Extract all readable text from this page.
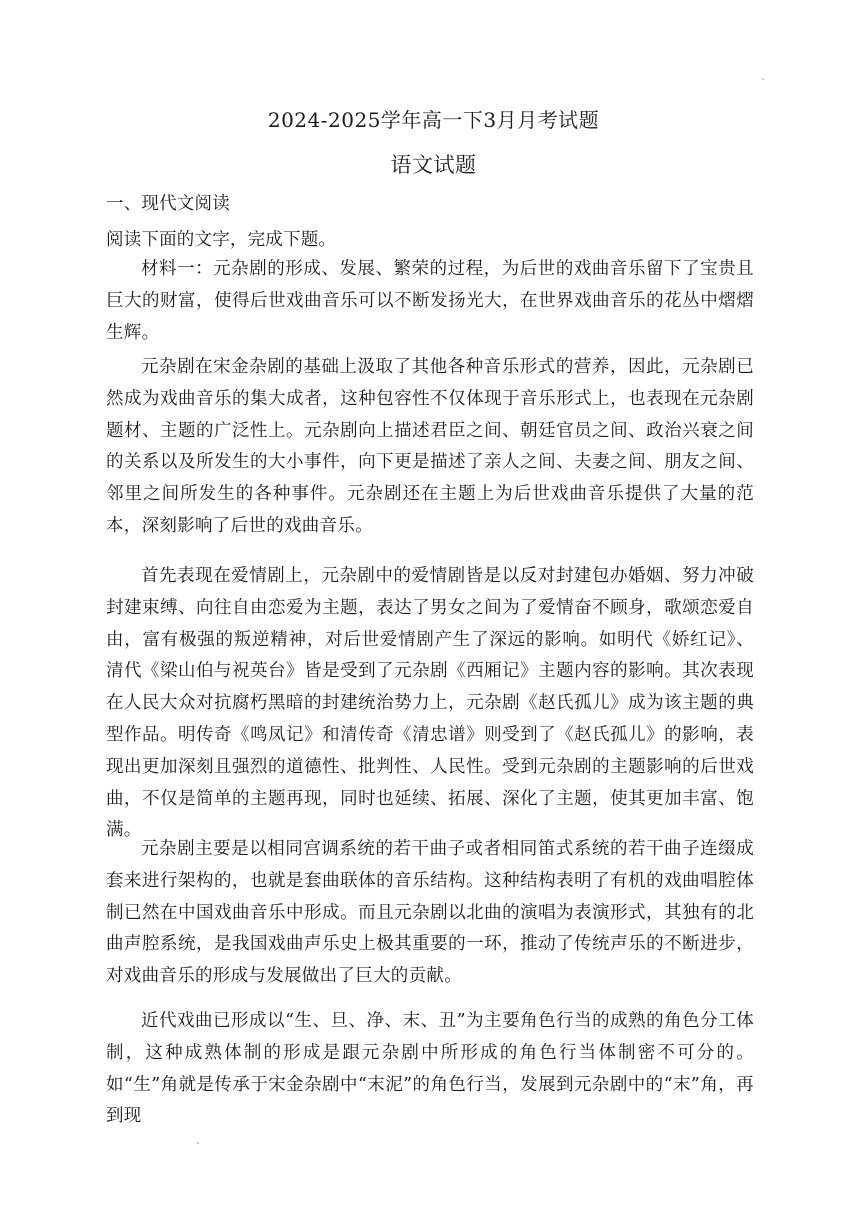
2024-2025学年高一下3月月考试题
语文试题
一、现代文阅读
阅读下面的文字，完成下题。
材料一：元杂剧的形成、发展、繁荣的过程，为后世的戏曲音乐留下了宝贵且巨大的财富，使得后世戏曲音乐可以不断发扬光大，在世界戏曲音乐的花丛中熠熠生辉。
元杂剧在宋金杂剧的基础上汲取了其他各种音乐形式的营养，因此，元杂剧已然成为戏曲音乐的集大成者，这种包容性不仅体现于音乐形式上，也表现在元杂剧题材、主题的广泛性上。元杂剧向上描述君臣之间、朝廷官员之间、政治兴衰之间的关系以及所发生的大小事件，向下更是描述了亲人之间、夫妻之间、朋友之间、邻里之间所发生的各种事件。元杂剧还在主题上为后世戏曲音乐提供了大量的范本，深刻影响了后世的戏曲音乐。
首先表现在爱情剧上，元杂剧中的爱情剧皆是以反对封建包办婚姻、努力冲破封建束缚、向往自由恋爱为主题，表达了男女之间为了爱情奋不顾身，歌颂恋爱自由，富有极强的叛逆精神，对后世爱情剧产生了深远的影响。如明代《娇红记》、清代《梁山伯与祝英台》皆是受到了元杂剧《西厢记》主题内容的影响。其次表现在人民大众对抗腐朽黑暗的封建统治势力上，元杂剧《赵氏孤儿》成为该主题的典型作品。明传奇《鸣凤记》和清传奇《清忠谱》则受到了《赵氏孤儿》的影响，表现出更加深刻且强烈的道德性、批判性、人民性。受到元杂剧的主题影响的后世戏曲，不仅是简单的主题再现，同时也延续、拓展、深化了主题，使其更加丰富、饱满。
元杂剧主要是以相同宫调系统的若干曲子或者相同笛式系统的若干曲子连缀成套来进行架构的，也就是套曲联体的音乐结构。这种结构表明了有机的戏曲唱腔体制已然在中国戏曲音乐中形成。而且元杂剧以北曲的演唱为表演形式，其独有的北曲声腔系统，是我国戏曲声乐史上极其重要的一环，推动了传统声乐的不断进步，对戏曲音乐的形成与发展做出了巨大的贡献。
近代戏曲已形成以“生、旦、净、末、丑”为主要角色行当的成熟的角色分工体制，这种成熟体制的形成是跟元杂剧中所形成的角色行当体制密不可分的。如“生”角就是传承于宋金杂剧中“末泥”的角色行当，发展到元杂剧中的“末”角，再到现
